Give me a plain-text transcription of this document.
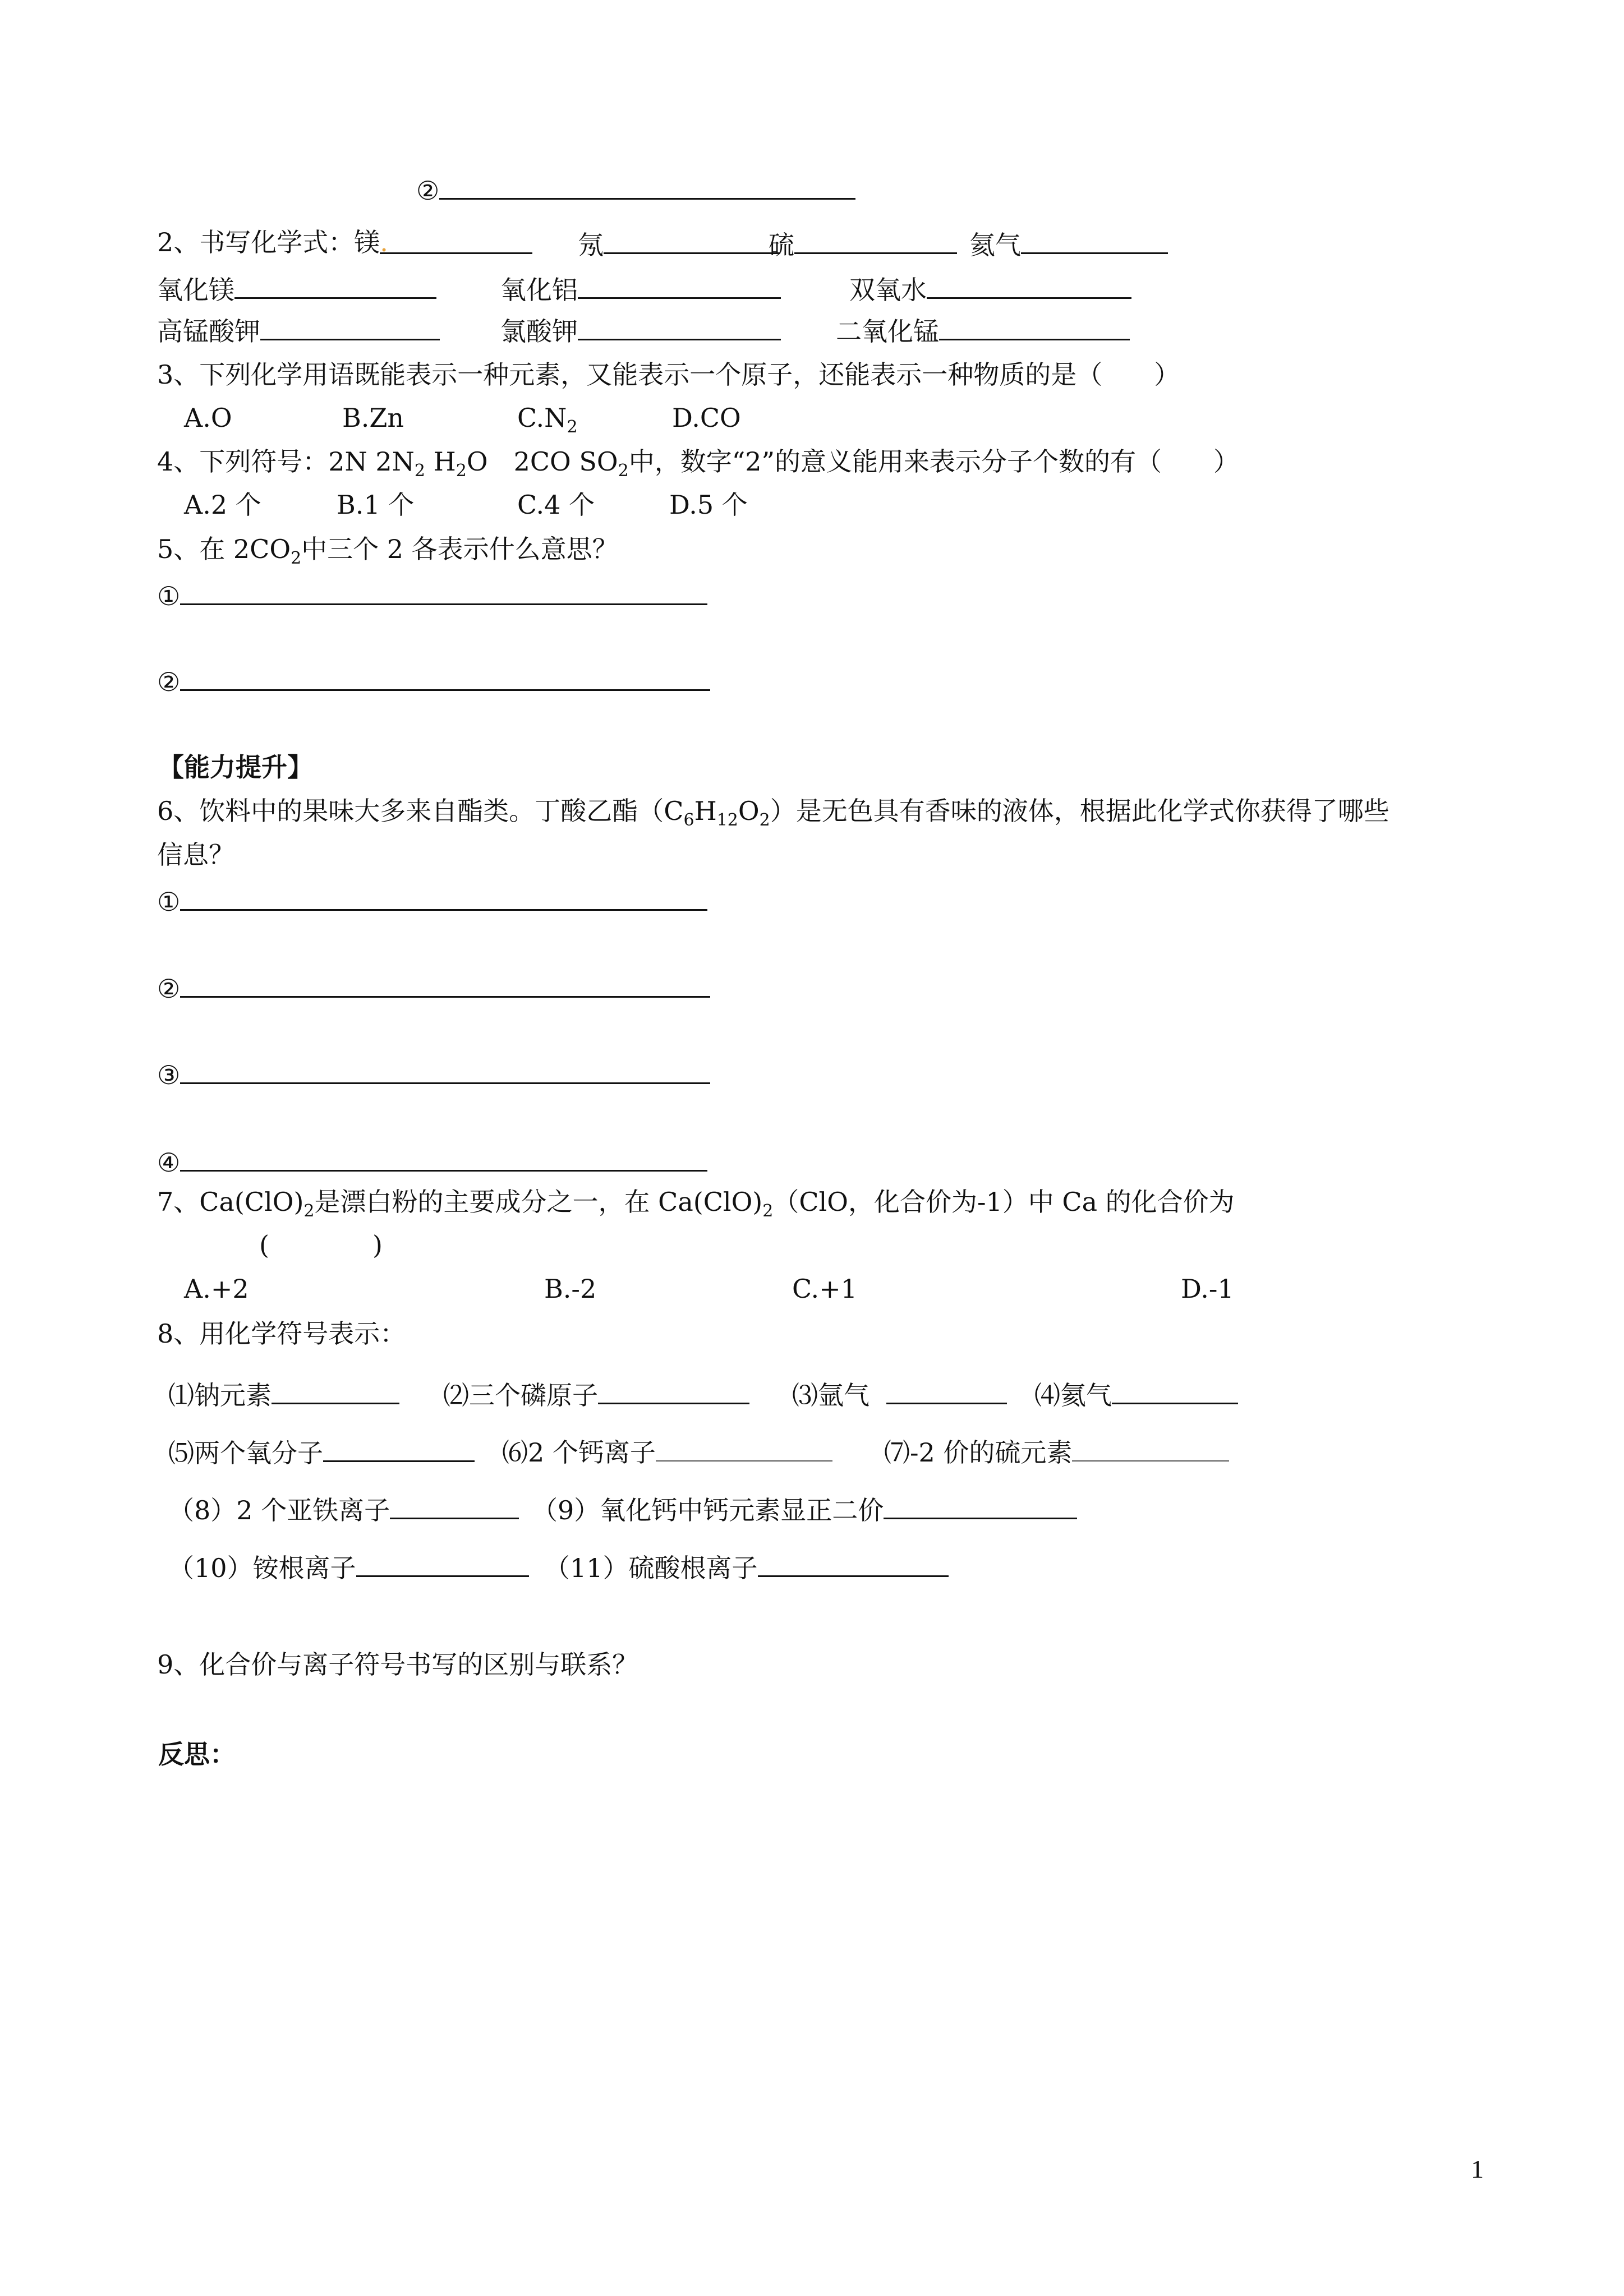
②
2、书写化学式：镁.	氖	硫	氦气
氧化镁	氧化铝	双氧水
高锰酸钾	氯酸钾	二氧化锰
3、下列化学用语既能表示一种元素，又能表示一个原子，还能表示一种物质的是（　　）
A.O	B.Zn	$C.N_2$	D.CO
4、下列符号：2N $2N_2$ $H_2O$　2CO $SO_2$中，数字“2”的意义能用来表示分子个数的有（　　）
A.2 个	B.1 个	C.4 个	D.5 个
5、在 $2CO_2$中三个 2 各表示什么意思？
①
②
【能力提升】
6、饮料中的果味大多来自酯类。丁酸乙酯$(C_6H_{12}O_2)$是无色具有香味的液体，根据此化学式你获得了哪些
信息？
①
②
③
④
7、$Ca(ClO)_2$是漂白粉的主要成分之一，在 $Ca(ClO)_2(ClO$，化合价为-1）中 Ca 的化合价为
(　　　　)
A.+2	B.-2	C.+1	D.-1
8、用化学符号表示：
⑴钠元素	⑵三个磷原子	⑶氩气	⑷氦气
⑸两个氧分子	⑹2 个钙离子	⑺-2 价的硫元素
（8）2 个亚铁离子	（9）氧化钙中钙元素显正二价
（10）铵根离子	（11）硫酸根离子
9、化合价与离子符号书写的区别与联系？
反思：
1
